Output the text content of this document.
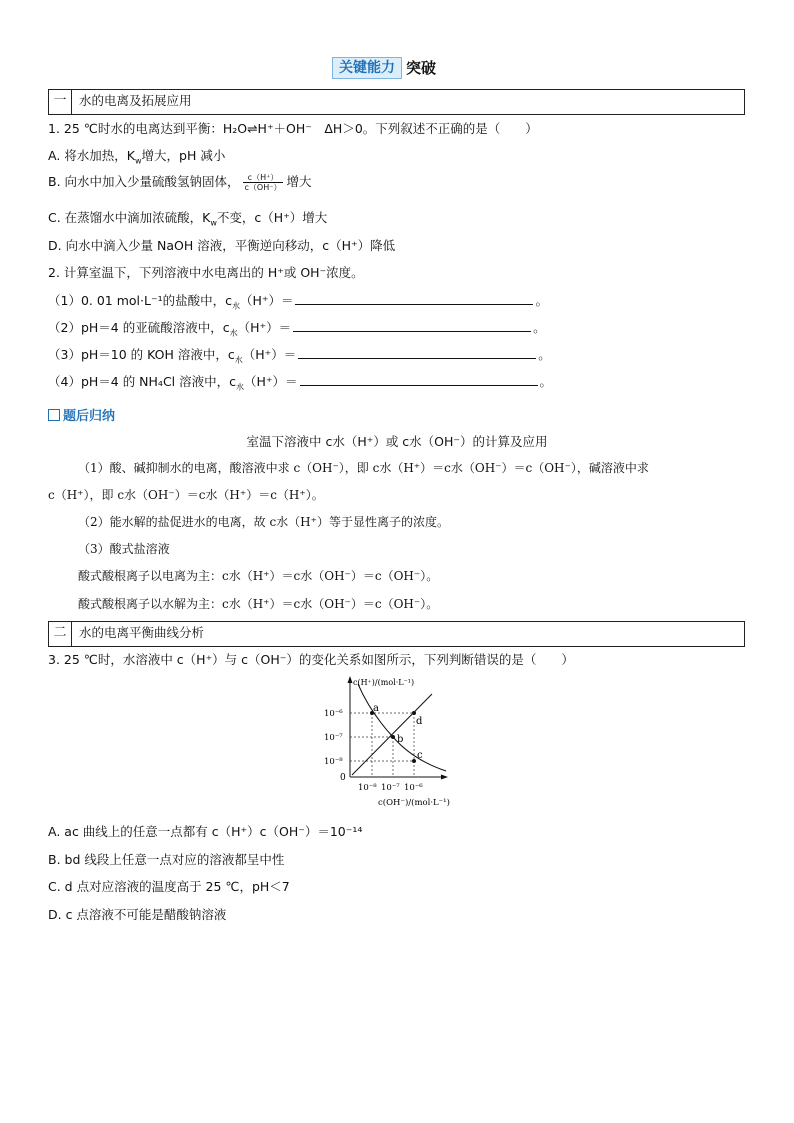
关键能力 突破
一	水的电离及拓展应用
1. 25 ℃时水的电离达到平衡：H₂O⇌H⁺＋OH⁻　ΔH＞0。下列叙述不正确的是（　　）
A. 将水加热，$K_w$增大，pH 减小
B. 向水中加入少量硫酸氢钠固体， $\frac{c(H^+)}{c(OH^-)}$ 增大
C. 在蒸馏水中滴加浓硫酸，$K_w$不变，c（H⁺）增大
D. 向水中滴入少量 NaOH 溶液，平衡逆向移动，c（H⁺）降低
2. 计算室温下，下列溶液中水电离出的 H⁺或 OH⁻浓度。
（1）0. 01 mol·L⁻¹的盐酸中，$c_水(H^+)=$	。
（2）pH＝4 的亚硫酸溶液中，$c_水(H^+)=$	。
（3）pH＝10 的 KOH 溶液中，$c_水(H^+)=$	。
（4）pH＝4 的 NH₄Cl 溶液中，$c_水(H^+)=$	。
题后归纳
室温下溶液中 c水（H⁺）或 c水（OH⁻）的计算及应用
（1）酸、碱抑制水的电离，酸溶液中求 c（OH⁻），即 c水（H⁺）＝c水（OH⁻）＝c（OH⁻），碱溶液中求
c（H⁺），即 c水（OH⁻）＝c水（H⁺）＝c（H⁺）。
（2）能水解的盐促进水的电离，故 c水（H⁺）等于显性离子的浓度。
（3）酸式盐溶液
酸式酸根离子以电离为主：c水（H⁺）＝c水（OH⁻）＝c（OH⁻）。
酸式酸根离子以水解为主：c水（H⁺）＝c水（OH⁻）＝c（OH⁻）。
二	水的电离平衡曲线分析
3. 25 ℃时，水溶液中 c（H⁺）与 c（OH⁻）的变化关系如图所示，下列判断错误的是（　　）
a
b
c
d
c(H⁺)/(mol·L⁻¹)
10⁻⁶
10⁻⁷
10⁻⁸
0
10⁻⁸ 10⁻⁷ 10⁻⁶
c(OH⁻)/(mol·L⁻¹)
A. ac 曲线上的任意一点都有 c（H⁺）c（OH⁻）＝10⁻¹⁴
B. bd 线段上任意一点对应的溶液都呈中性
C. d 点对应溶液的温度高于 25 ℃，pH＜7
D. c 点溶液不可能是醋酸钠溶液
